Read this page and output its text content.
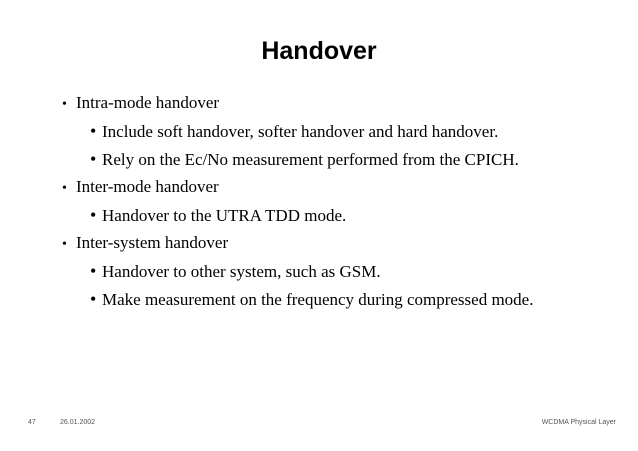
Handover
• Intra-mode handover
• Include soft handover, softer handover and hard handover.
• Rely on the Ec/No measurement performed from the CPICH.
• Inter-mode handover
• Handover to the UTRA TDD mode.
• Inter-system handover
• Handover to other system, such as GSM.
• Make measurement on the frequency during compressed mode.
47	26.01.2002	WCDMA Physical Layer
